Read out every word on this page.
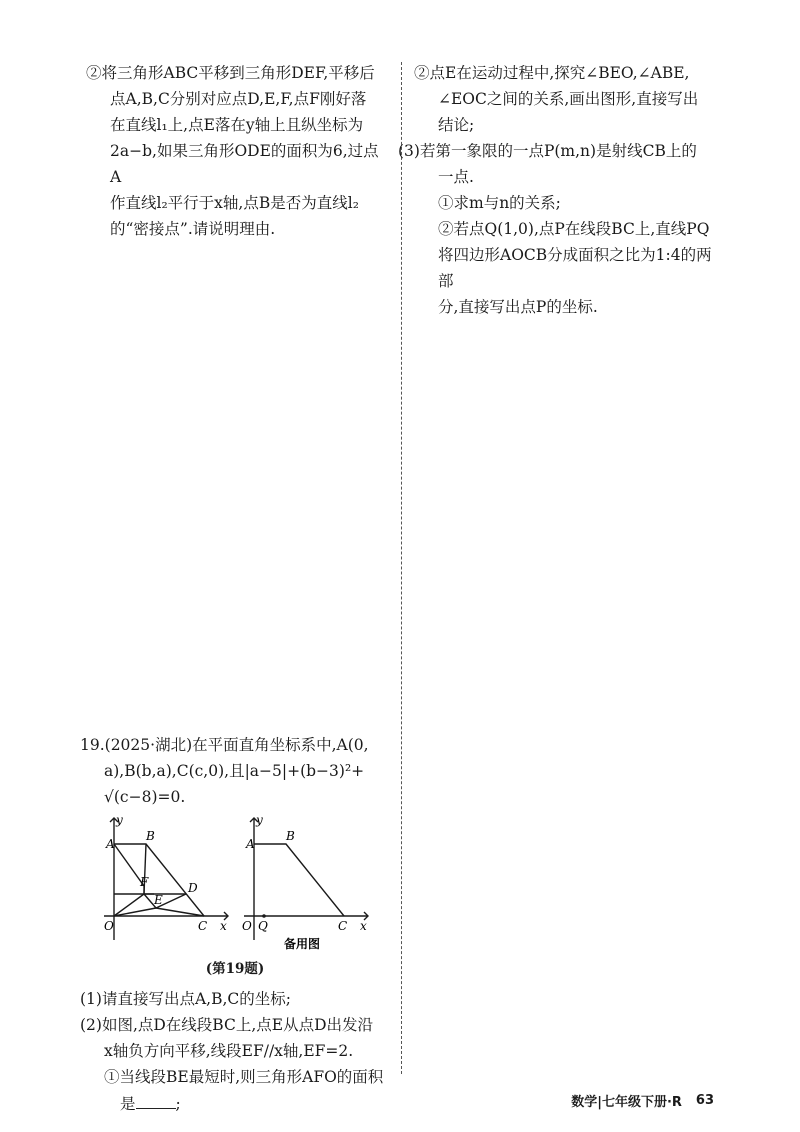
②将三角形ABC平移到三角形DEF,平移后

点A,B,C分别对应点D,E,F,点F刚好落

在直线l₁上,点E落在y轴上且纵坐标为

2a−b,如果三角形ODE的面积为6,过点A

作直线l₂平行于x轴,点B是否为直线l₂

的“密接点”.请说明理由.

②点E在运动过程中,探究∠BEO,∠ABE,

∠EOC之间的关系,画出图形,直接写出

结论;

(3)若第一象限的一点P(m,n)是射线CB上的

一点.

①求m与n的关系;

②若点Q(1,0),点P在线段BC上,直线PQ

将四边形AOCB分成面积之比为1:4的两部

分,直接写出点P的坐标.

19.(2025·湖北)在平面直角坐标系中,A(0,

a),B(b,a),C(c,0),且|a−5|+(b−3)²+

√(c−8)=0.

y
A
B
F	D
E
O	C x
y
A
B
O Q	C x
备用图

(第19题)

(1)请直接写出点A,B,C的坐标;

(2)如图,点D在线段BC上,点E从点D出发沿

x轴负方向平移,线段EF//x轴,EF=2.

①当线段BE最短时,则三角形AFO的面积

是	;	数学|七年级下册·R 63
